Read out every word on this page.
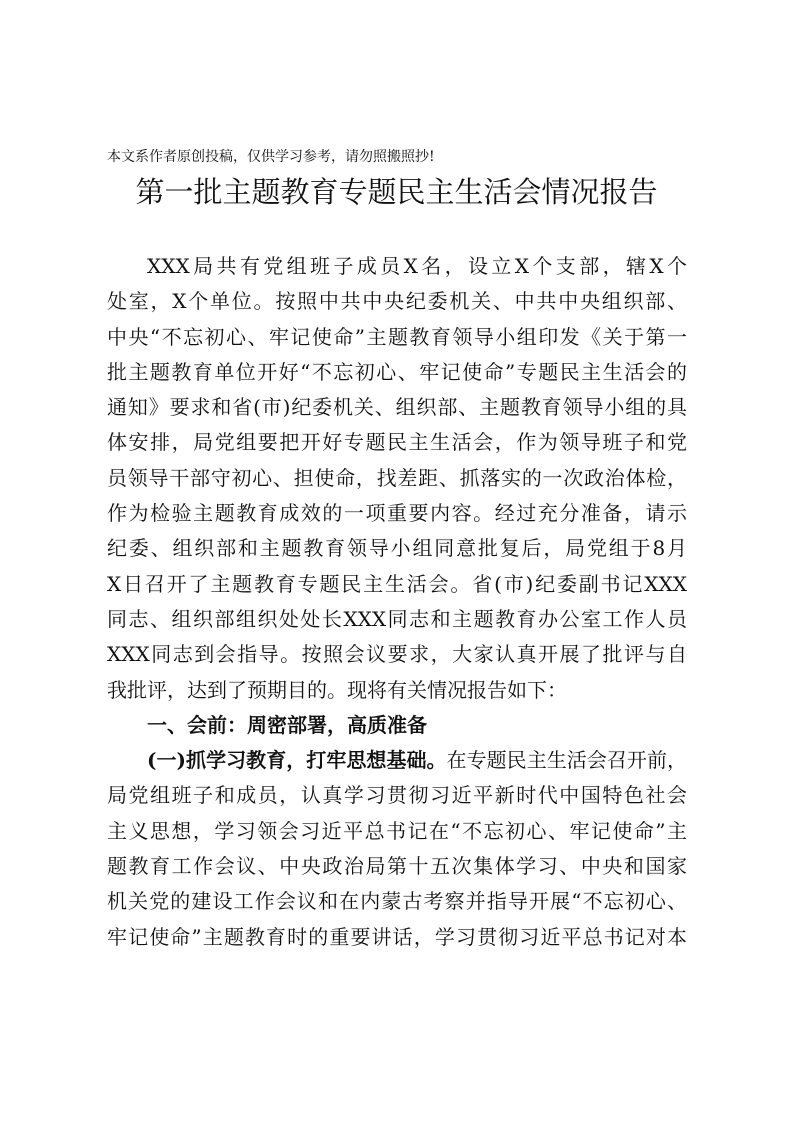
本文系作者原创投稿，仅供学习参考，请勿照搬照抄!
第一批主题教育专题民主生活会情况报告
XXX局共有党组班子成员X名，设立X个支部，辖X个
处室，X个单位。按照中共中央纪委机关、中共中央组织部、
中央“不忘初心、牢记使命”主题教育领导小组印发《关于第一
批主题教育单位开好“不忘初心、牢记使命”专题民主生活会的
通知》要求和省(市)纪委机关、组织部、主题教育领导小组的具
体安排，局党组要把开好专题民主生活会，作为领导班子和党
员领导干部守初心、担使命，找差距、抓落实的一次政治体检，
作为检验主题教育成效的一项重要内容。经过充分准备，请示
纪委、组织部和主题教育领导小组同意批复后，局党组于8月
X日召开了主题教育专题民主生活会。省(市)纪委副书记XXX
同志、组织部组织处处长XXX同志和主题教育办公室工作人员
XXX同志到会指导。按照会议要求，大家认真开展了批评与自
我批评，达到了预期目的。现将有关情况报告如下：
一、会前：周密部署，高质准备
(一)抓学习教育，打牢思想基础。在专题民主生活会召开前，
局党组班子和成员，认真学习贯彻习近平新时代中国特色社会
主义思想，学习领会习近平总书记在“不忘初心、牢记使命”主
题教育工作会议、中央政治局第十五次集体学习、中央和国家
机关党的建设工作会议和在内蒙古考察并指导开展“不忘初心、
牢记使命”主题教育时的重要讲话，学习贯彻习近平总书记对本
